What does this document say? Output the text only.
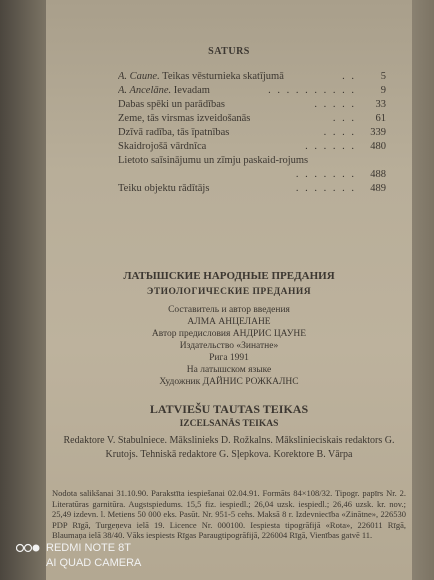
SATURS
A. Caune. Teikas vēsturnieka skatījumā	. . 5
A. Ancelāne. Ievadam	. . . . . . . . . . 9
Dabas spēki un parādības	. . . . . 33
Zeme, tās virsmas izveidošanās	. . . 61
Dzīvā radība, tās īpatnības	. . . . 339
Skaidrojošā vārdnīca	. . . . . . 480
Lietoto saīsinājumu un zīmju paskaid-rojums
. . . . . . . 488
Teiku objektu rādītājs	. . . . . . . 489
ЛАТЫШСКИЕ НАРОДНЫЕ ПРЕДАНИЯ
ЭТИОЛОГИЧЕСКИЕ ПРЕДАНИЯ
Составитель и автор введения
АЛМА АНЦЕЛАНЕ
Автор предисловия АНДРИС ЦАУНЕ
Издательство «Зинатне»
Рига 1991
На латышском языке
Художник ДАЙНИС РОЖКАЛНС
LATVIEŠU TAUTAS TEIKAS
IZCELSANĀS TEIKAS
Redaktore V. Stabulniece. Mākslinieks D. Rožkalns. Mākslinieciskais redaktors G. Krutojs. Tehniskā redaktore G. Sļepkova. Korektore B. Vārpa
Nodota salikšanai 31.10.90. Parakstīta iespiešanai 02.04.91. Formāts 84×108/32. Tipogr. papīrs Nr. 2. Literatūras garnitūra. Augstspiedums. 15,5 fiz. iespiedl.; 26,04 uzsk. iespiedl.; 26,46 uzsk. kr. nov.; 25,49 izdevn. l. Metiens 50 000 eks. Pasūt. Nr. 951-5 cehs. Maksā 8 r. Izdevniecība «Zinātne», 226530 PDP Rīgā, Turgeņeva ielā 19. Licence Nr. 000100. Iespiesta tipogrāfijā «Rota», 226011 Rīgā, Blaumaņa ielā 38/40. Vāks iespiests Rīgas Paraugtipogrāfijā, 226004 Rīgā, Vienības gatvē 11.
REDMI NOTE 8T
AI QUAD CAMERA
